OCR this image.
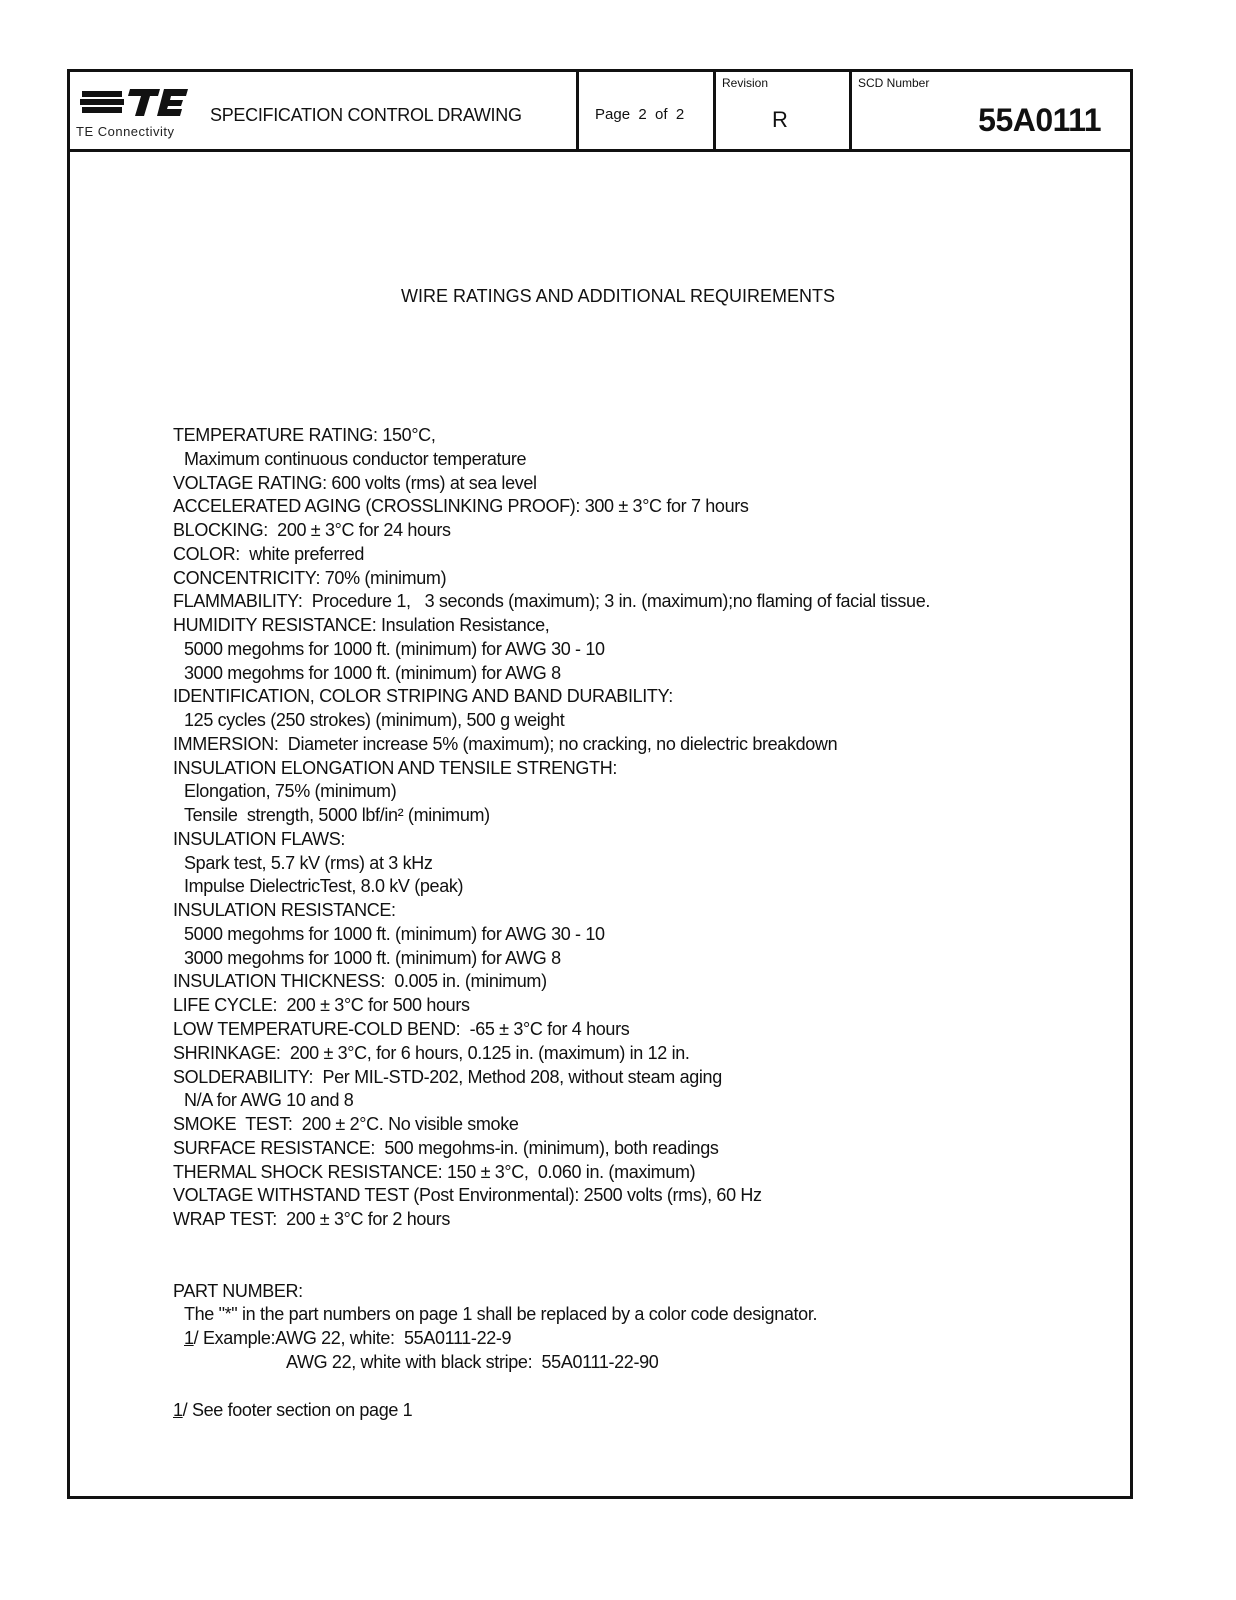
TE Connectivity
SPECIFICATION CONTROL DRAWING	Page  2  of  2
Revision
R
SCD Number
55A0111
WIRE RATINGS AND ADDITIONAL REQUIREMENTS
TEMPERATURE RATING: 150°C,
Maximum continuous conductor temperature
VOLTAGE RATING: 600 volts (rms) at sea level
ACCELERATED AGING (CROSSLINKING PROOF): 300 ± 3°C for 7 hours
BLOCKING:  200 ± 3°C for 24 hours
COLOR:  white preferred
CONCENTRICITY: 70% (minimum)
FLAMMABILITY:  Procedure 1,   3 seconds (maximum); 3 in. (maximum);no flaming of facial tissue.
HUMIDITY RESISTANCE: Insulation Resistance,
5000 megohms for 1000 ft. (minimum) for AWG 30 - 10
3000 megohms for 1000 ft. (minimum) for AWG 8
IDENTIFICATION, COLOR STRIPING AND BAND DURABILITY:
125 cycles (250 strokes) (minimum), 500 g weight
IMMERSION:  Diameter increase 5% (maximum); no cracking, no dielectric breakdown
INSULATION ELONGATION AND TENSILE STRENGTH:
Elongation, 75% (minimum)
Tensile  strength, 5000 lbf/in² (minimum)
INSULATION FLAWS:
Spark test, 5.7 kV (rms) at 3 kHz
Impulse DielectricTest, 8.0 kV (peak)
INSULATION RESISTANCE:
5000 megohms for 1000 ft. (minimum) for AWG 30 - 10
3000 megohms for 1000 ft. (minimum) for AWG 8
INSULATION THICKNESS:  0.005 in. (minimum)
LIFE CYCLE:  200 ± 3°C for 500 hours
LOW TEMPERATURE-COLD BEND:  -65 ± 3°C for 4 hours
SHRINKAGE:  200 ± 3°C, for 6 hours, 0.125 in. (maximum) in 12 in.
SOLDERABILITY:  Per MIL-STD-202, Method 208, without steam aging
N/A for AWG 10 and 8
SMOKE  TEST:  200 ± 2°C. No visible smoke
SURFACE RESISTANCE:  500 megohms-in. (minimum), both readings
THERMAL SHOCK RESISTANCE: 150 ± 3°C,  0.060 in. (maximum)
VOLTAGE WITHSTAND TEST (Post Environmental): 2500 volts (rms), 60 Hz
WRAP TEST:  200 ± 3°C for 2 hours
PART NUMBER:
The "*" in the part numbers on page 1 shall be replaced by a color code designator.
1/ Example:AWG 22, white:  55A0111-22-9
AWG 22, white with black stripe:  55A0111-22-90
1/ See footer section on page 1
